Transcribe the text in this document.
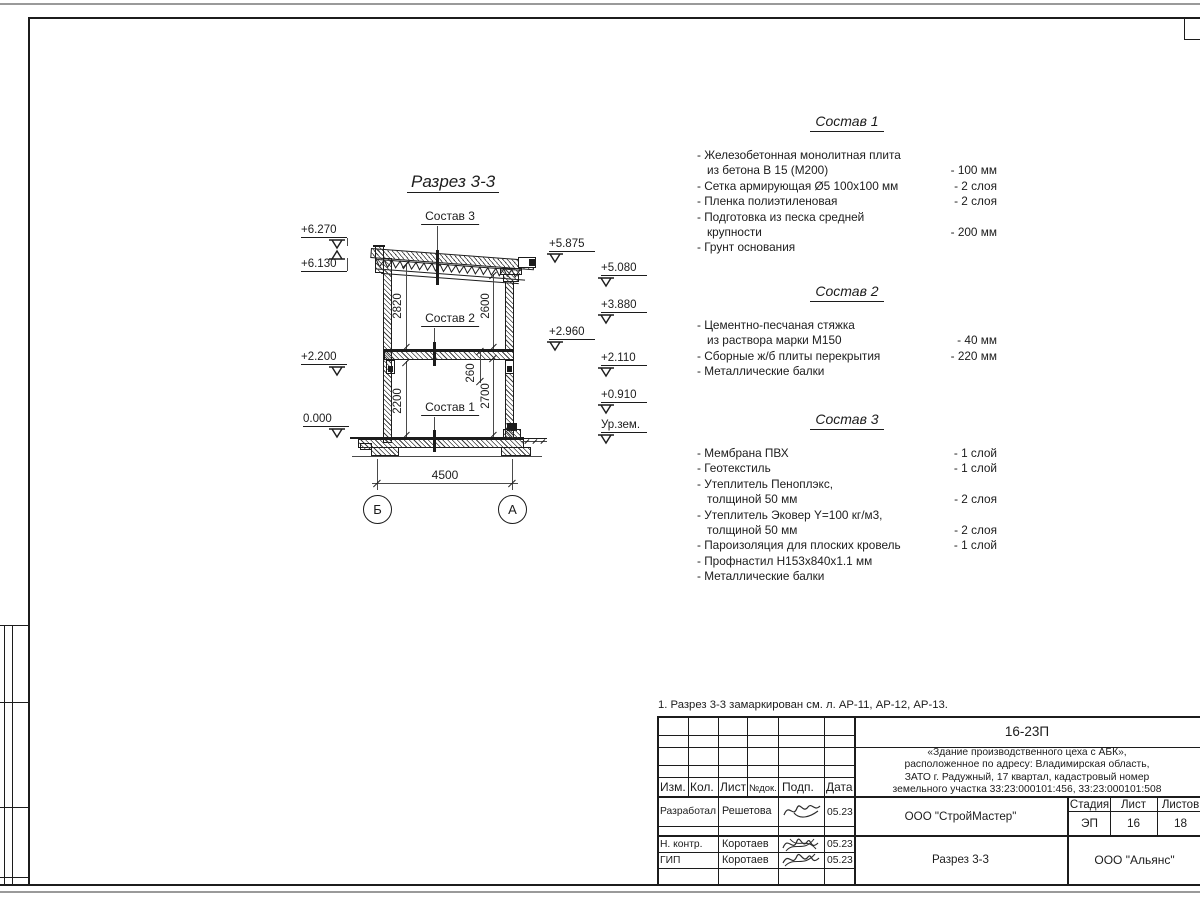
Разрез 3-3
2820	2600
2200	2700
260
Состав 3
Состав 2
Состав 1
4500
Б	А
+6.270
+6.130
+2.200
0.000
+5.875
+2.960
+5.080
+3.880
+2.110
+0.910
Ур.зем.
Состав 1
- Железобетонная монолитная плита
из бетона В 15 (М200)	- 100 мм
- Сетка армирующая Ø5 100х100 мм	- 2 слоя
- Пленка полиэтиленовая	- 2 слоя
- Подготовка из песка средней
крупности	- 200 мм
- Грунт основания
Состав 2
- Цементно-песчаная стяжка
из раствора марки М150	- 40 мм
- Сборные ж/б плиты перекрытия	- 220 мм
- Металлические балки
Состав 3
- Мембрана ПВХ	- 1 слой
- Геотекстиль	- 1 слой
- Утеплитель Пеноплэкс,
толщиной 50 мм	- 2 слоя
- Утеплитель Эковер Y=100 кг/м3,
толщиной 50 мм	- 2 слоя
- Пароизоляция для плоских кровель	- 1 слой
- Профнастил Н153х840х1.1 мм
- Металлические балки
1. Разрез 3-3 замаркирован см. л. АР-11, АР-12, АР-13.
16-23П
«Здание производственного цеха с АБК»,
расположенное по адресу: Владимирская область,
ЗАТО г. Радужный, 17 квартал, кадастровый номер
земельного участка 33:23:000101:456, 33:23:000101:508
Изм. Кол. Лист №док. Подп. Дата
Разработал Решетова	05.23
Н. контр. Коротаев	05.23
ГИП	Коротаев	05.23
ООО "СтройМастер"
Разрез 3-3
Стадия	Лист	Листов
ЭП	16	18
ООО "Альянс"
